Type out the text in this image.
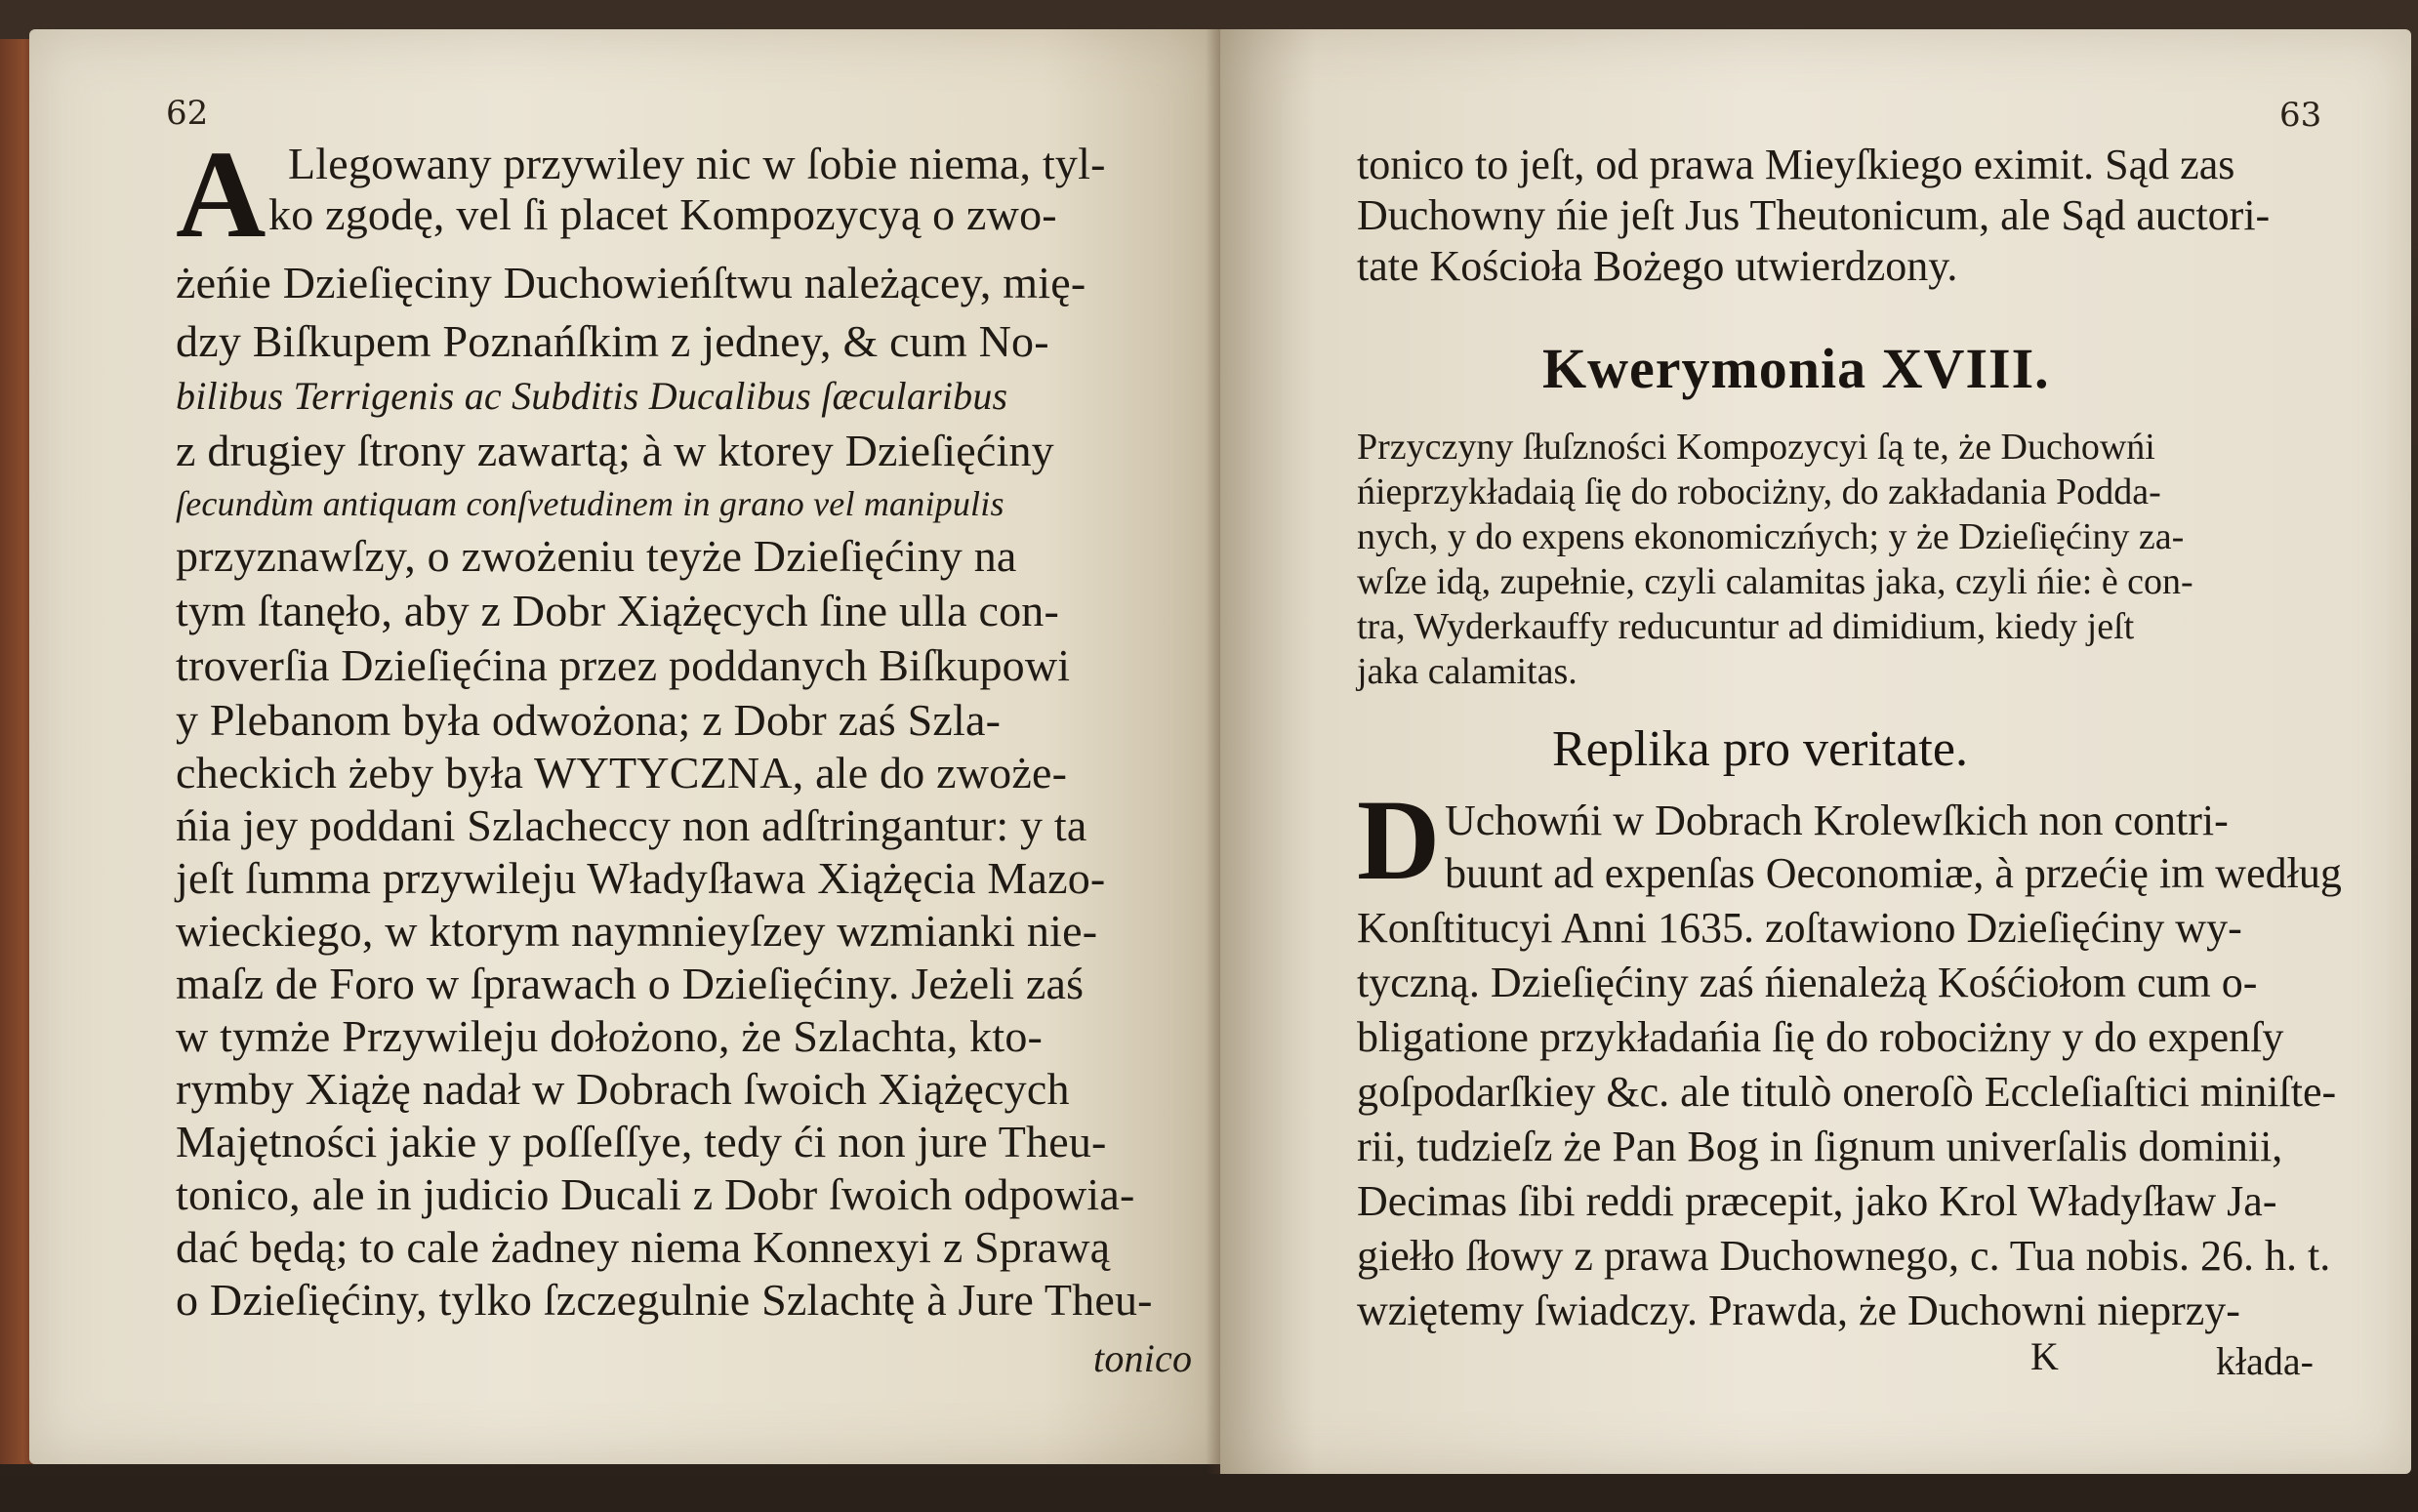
62
A Llegowany przywiley nic w ſobie niema, tyl-
ko zgodę, vel ſi placet Kompozycyą o zwo-
żeńie Dzieſięciny Duchowieńſtwu należącey, mię-
dzy Biſkupem Poznańſkim z jedney, & cum No-
bilibus Terrigenis ac Subditis Ducalibus ſæcularibus
z drugiey ſtrony zawartą; à w ktorey Dzieſięćiny
ſecundùm antiquam conſvetudinem in grano vel manipulis
przyznawſzy, o zwożeniu teyże Dzieſięćiny na
tym ſtanęło, aby z Dobr Xiążęcych ſine ulla con-
troverſia Dzieſięćina przez poddanych Biſkupowi
y Plebanom była odwożona; z Dobr zaś Szla-
checkich żeby była WYTYCZNA, ale do zwoże-
ńia jey poddani Szlacheccy non adſtringantur: y ta
jeſt ſumma przywileju Władyſława Xiążęcia Mazo-
wieckiego, w ktorym naymnieyſzey wzmianki nie-
maſz de Foro w ſprawach o Dzieſięćiny. Jeżeli zaś
w tymże Przywileju dołożono, że Szlachta, kto-
rymby Xiążę nadał w Dobrach ſwoich Xiążęcych
Majętności jakie y poſſeſſye, tedy ći non jure Theu-
tonico, ale in judicio Ducali z Dobr ſwoich odpowia-
dać będą; to cale żadney niema Konnexyi z Sprawą
o Dzieſięćiny, tylko ſzczegulnie Szlachtę à Jure Theu-
tonico
63
tonico to jeſt, od prawa Mieyſkiego eximit. Sąd zas
Duchowny ńie jeſt Jus Theutonicum, ale Sąd auctori-
tate Kościoła Bożego utwierdzony.
Kwerymonia XVIII.
Przyczyny ſłuſzności Kompozycyi ſą te, że Duchowńi
ńieprzykładaią ſię do robociżny, do zakładania Podda-
nych, y do expens ekonomiczńych; y że Dzieſięćiny za-
wſze idą, zupełnie, czyli calamitas jaka, czyli ńie: è con-
tra, Wyderkauffy reducuntur ad dimidium, kiedy jeſt
jaka calamitas.
Replika pro veritate.
D Uchowńi w Dobrach Krolewſkich non contri-
buunt ad expenſas Oeconomiæ, à przećię im według
Konſtitucyi Anni 1635. zoſtawiono Dzieſięćiny wy-
tyczną. Dzieſięćiny zaś ńienależą Kośćiołom cum o-
bligatione przykładańia ſię do robociżny y do expenſy
goſpodarſkiey &c. ale titulò oneroſò Eccleſiaſtici miniſte-
rii, tudzieſz że Pan Bog in ſignum univerſalis dominii,
Decimas ſibi reddi præcepit, jako Krol Władyſław Ja-
giełło ſłowy z prawa Duchownego, c. Tua nobis. 26. h. t.
wziętemy ſwiadczy. Prawda, że Duchowni nieprzy-
K	kłada-
